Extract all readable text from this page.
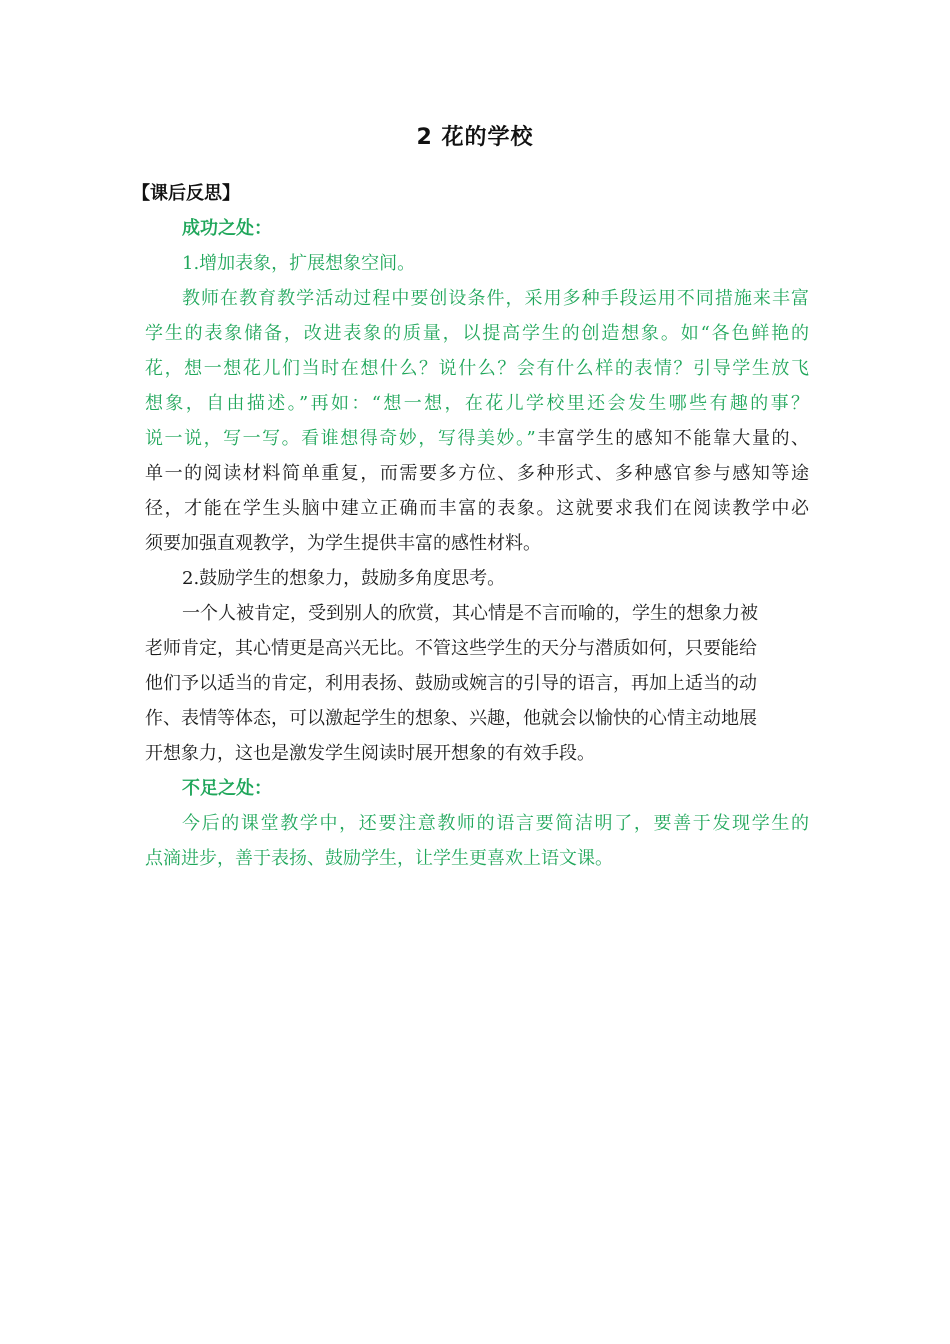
2 花的学校
【课后反思】
成功之处：
1.增加表象，扩展想象空间。
教师在教育教学活动过程中要创设条件，采用多种手段运用不同措施来丰富
学生的表象储备，改进表象的质量，以提高学生的创造想象。如“各色鲜艳的
花，想一想花儿们当时在想什么？说什么？会有什么样的表情？引导学生放飞
想象，自由描述。”再如：“想一想，在花儿学校里还会发生哪些有趣的事？
说一说，写一写。看谁想得奇妙，写得美妙。”丰富学生的感知不能靠大量的、
单一的阅读材料简单重复，而需要多方位、多种形式、多种感官参与感知等途
径，才能在学生头脑中建立正确而丰富的表象。这就要求我们在阅读教学中必
须要加强直观教学，为学生提供丰富的感性材料。
2.鼓励学生的想象力，鼓励多角度思考。
一个人被肯定，受到别人的欣赏，其心情是不言而喻的，学生的想象力被
老师肯定，其心情更是高兴无比。不管这些学生的天分与潜质如何，只要能给
他们予以适当的肯定，利用表扬、鼓励或婉言的引导的语言，再加上适当的动
作、表情等体态，可以激起学生的想象、兴趣，他就会以愉快的心情主动地展
开想象力，这也是激发学生阅读时展开想象的有效手段。
不足之处：
今后的课堂教学中，还要注意教师的语言要简洁明了，要善于发现学生的
点滴进步，善于表扬、鼓励学生，让学生更喜欢上语文课。
